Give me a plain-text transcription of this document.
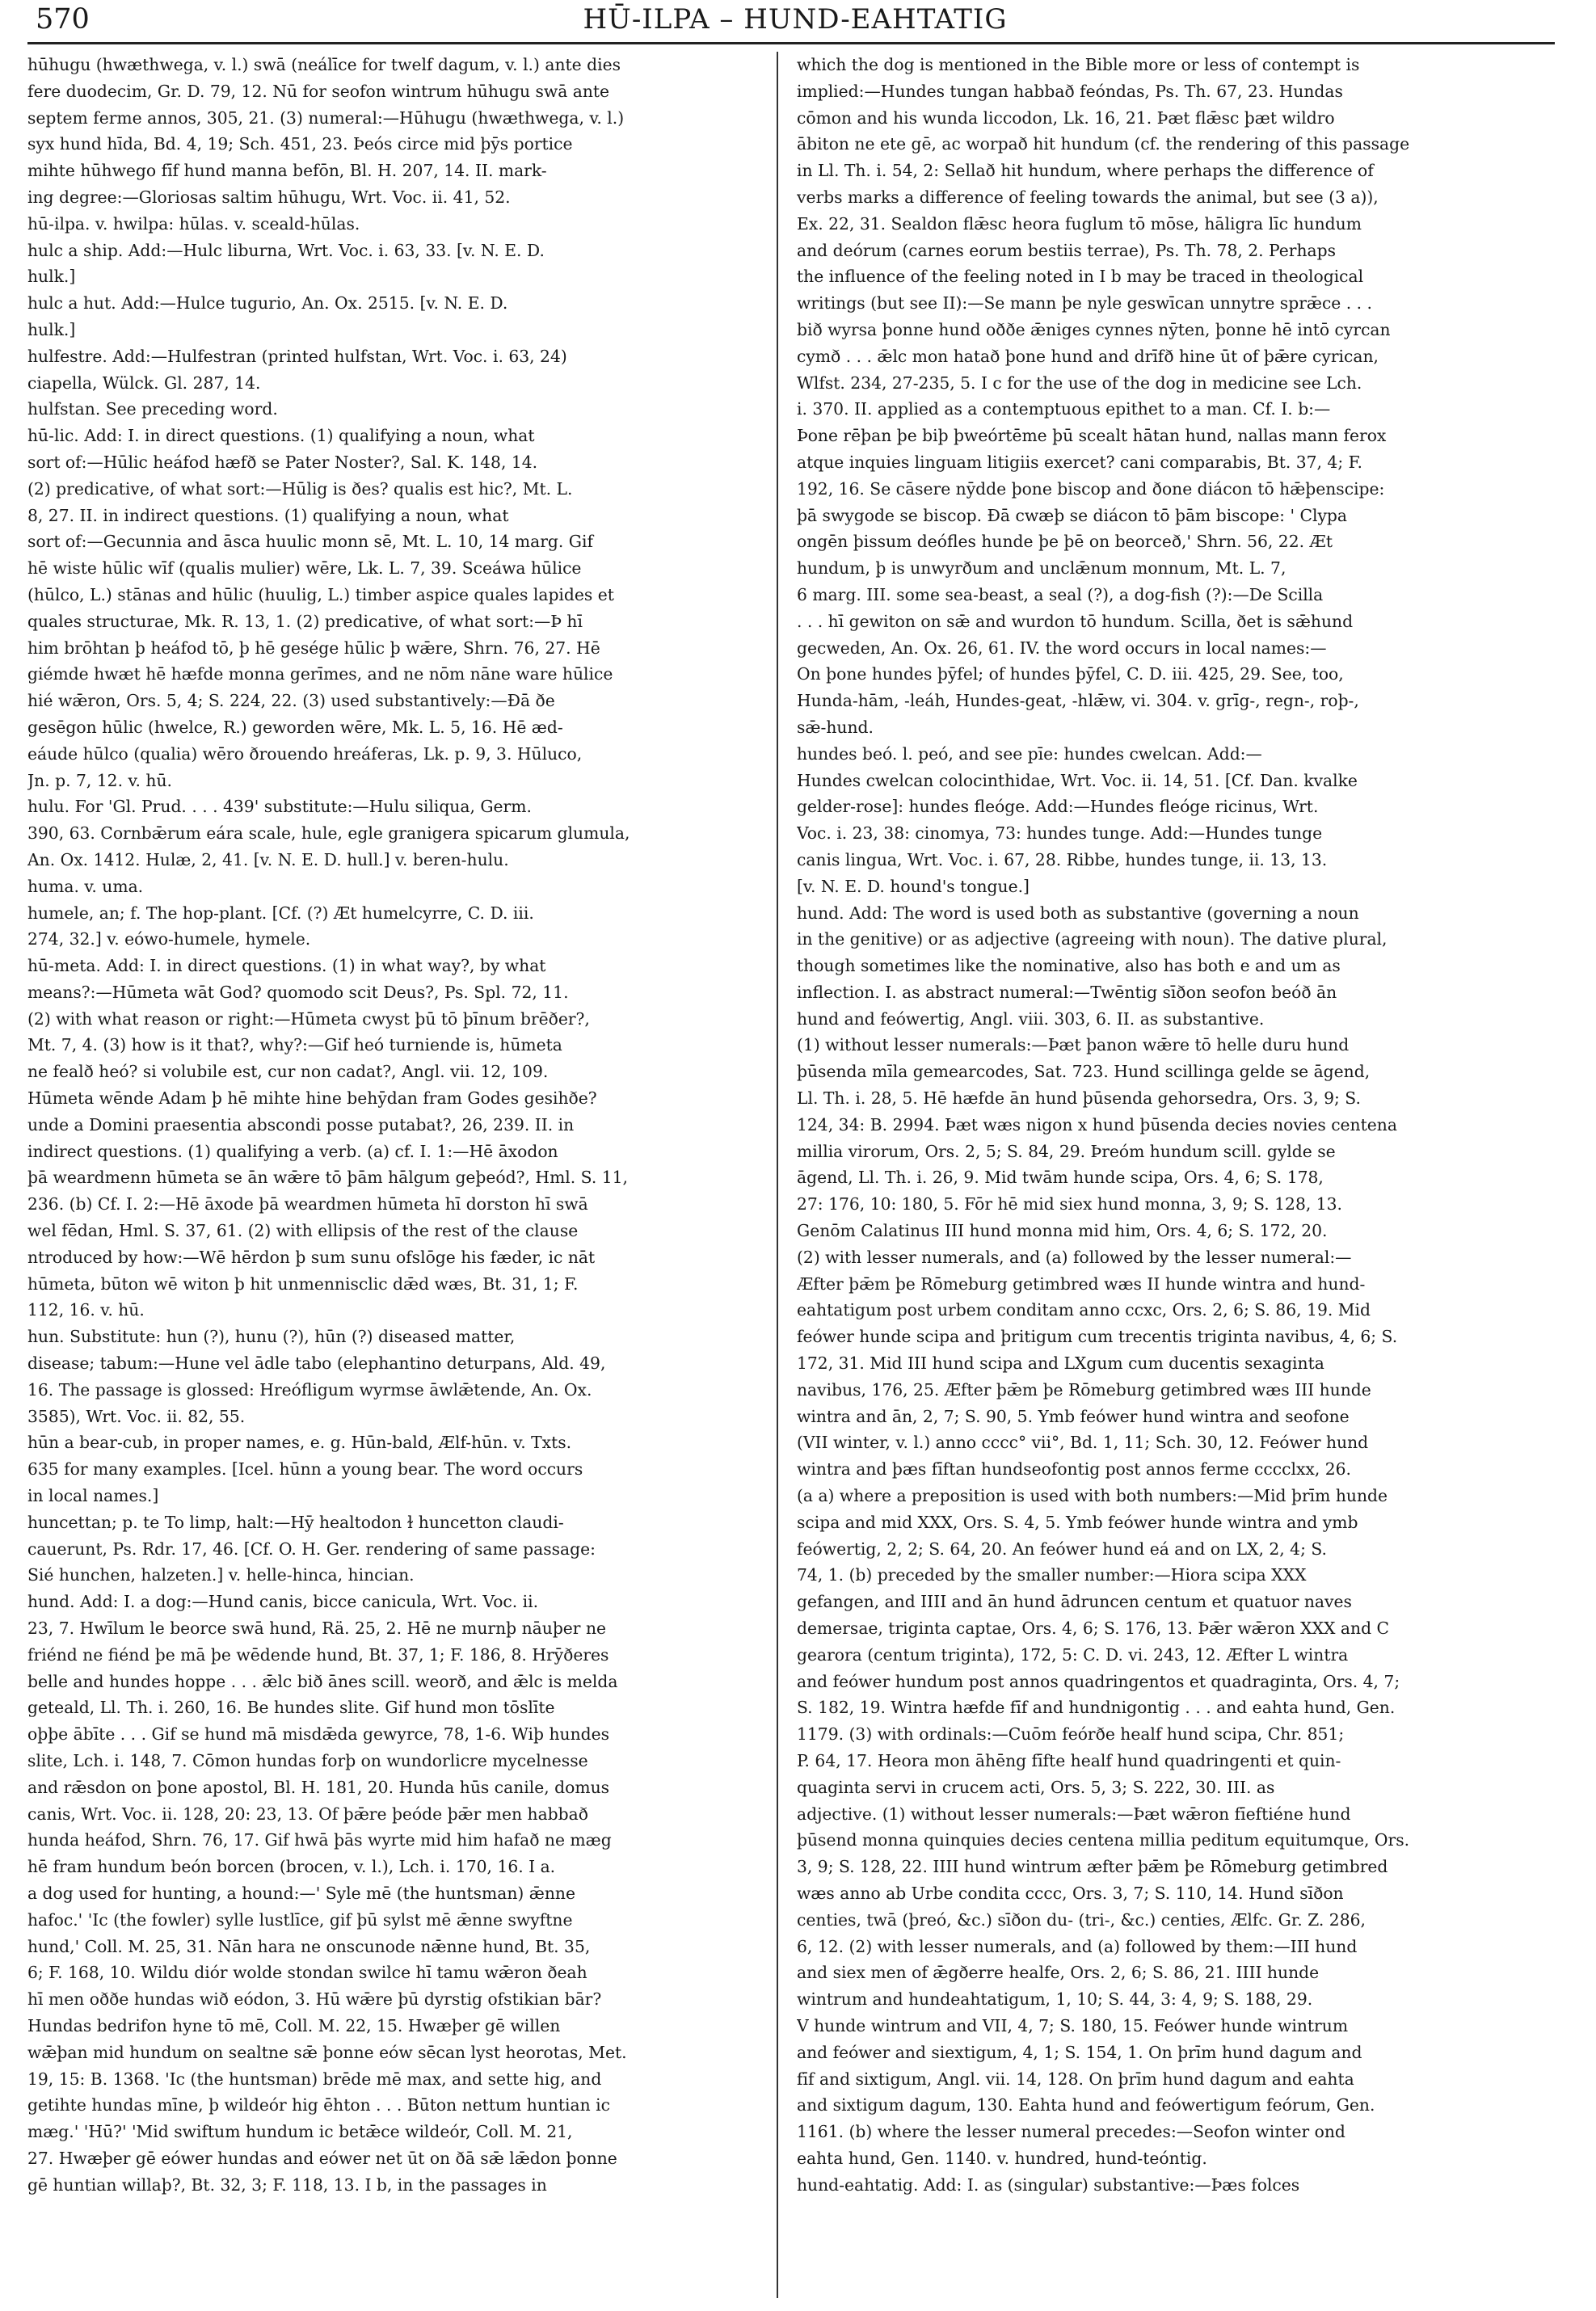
570	HŪ-ILPA – HUND-EAHTATIG
hūhugu (hwæthwega, v. l.) swā (neálīce for twelf dagum, v. l.) ante dies
fere duodecim, Gr. D. 79, 12. Nū for seofon wintrum hūhugu swā ante
septem ferme annos, 305, 21. (3) numeral:—Hūhugu (hwæthwega, v. l.)
syx hund hīda, Bd. 4, 19; Sch. 451, 23. Þeós circe mid þȳs portice
mihte hūhwego fīf hund manna befōn, Bl. H. 207, 14. II. mark-
ing degree:—Gloriosas saltim hūhugu, Wrt. Voc. ii. 41, 52.
hū-ilpa. v. hwilpa: hūlas. v. sceald-hūlas.
hulc a ship. Add:—Hulc liburna, Wrt. Voc. i. 63, 33. [v. N. E. D.
hulk.]
hulc a hut. Add:—Hulce tugurio, An. Ox. 2515. [v. N. E. D.
hulk.]
hulfestre. Add:—Hulfestran (printed hulfstan, Wrt. Voc. i. 63, 24)
ciapella, Wülck. Gl. 287, 14.
hulfstan. See preceding word.
hū-lic. Add: I. in direct questions. (1) qualifying a noun, what
sort of:—Hūlic heáfod hæfð se Pater Noster?, Sal. K. 148, 14.
(2) predicative, of what sort:—Hūlig is ðes? qualis est hic?, Mt. L.
8, 27. II. in indirect questions. (1) qualifying a noun, what
sort of:—Gecunnia and āsca huulic monn sē, Mt. L. 10, 14 marg. Gif
hē wiste hūlic wīf (qualis mulier) wēre, Lk. L. 7, 39. Sceáwa hūlice
(hūlco, L.) stānas and hūlic (huulig, L.) timber aspice quales lapides et
quales structurae, Mk. R. 13, 1. (2) predicative, of what sort:—Þ hī
him brōhtan þ heáfod tō, þ hē gesége hūlic þ wǣre, Shrn. 76, 27. Hē
giémde hwæt hē hæfde monna gerīmes, and ne nōm nāne ware hūlice
hié wǣron, Ors. 5, 4; S. 224, 22. (3) used substantively:—Ðā ðe
gesēgon hūlic (hwelce, R.) geworden wēre, Mk. L. 5, 16. Hē æd-
eáude hūlco (qualia) wēro ðrouendo hreáferas, Lk. p. 9, 3. Hūluco,
Jn. p. 7, 12. v. hū.
hulu. For 'Gl. Prud. . . . 439' substitute:—Hulu siliqua, Germ.
390, 63. Cornbǣrum eára scale, hule, egle granigera spicarum glumula,
An. Ox. 1412. Hulæ, 2, 41. [v. N. E. D. hull.] v. beren-hulu.
huma. v. uma.
humele, an; f. The hop-plant. [Cf. (?) Æt humelcyrre, C. D. iii.
274, 32.] v. eówo-humele, hymele.
hū-meta. Add: I. in direct questions. (1) in what way?, by what
means?:—Hūmeta wāt God? quomodo scit Deus?, Ps. Spl. 72, 11.
(2) with what reason or right:—Hūmeta cwyst þū tō þīnum brēðer?,
Mt. 7, 4. (3) how is it that?, why?:—Gif heó turniende is, hūmeta
ne fealð heó? si volubile est, cur non cadat?, Angl. vii. 12, 109.
Hūmeta wēnde Adam þ hē mihte hine behȳdan fram Godes gesihðe?
unde a Domini praesentia abscondi posse putabat?, 26, 239. II. in
indirect questions. (1) qualifying a verb. (a) cf. I. 1:—Hē āxodon
þā weardmenn hūmeta se ān wǣre tō þām hālgum geþeód?, Hml. S. 11,
236. (b) Cf. I. 2:—Hē āxode þā weardmen hūmeta hī dorston hī swā
wel fēdan, Hml. S. 37, 61. (2) with ellipsis of the rest of the clause
ntroduced by how:—Wē hērdon þ sum sunu ofslōge his fæder, ic nāt
hūmeta, būton wē witon þ hit unmennisclic dǣd wæs, Bt. 31, 1; F.
112, 16. v. hū.
hun. Substitute: hun (?), hunu (?), hūn (?) diseased matter,
disease; tabum:—Hune vel ādle tabo (elephantino deturpans, Ald. 49,
16. The passage is glossed: Hreófligum wyrmse āwlǣtende, An. Ox.
3585), Wrt. Voc. ii. 82, 55.
hūn a bear-cub, in proper names, e. g. Hūn-bald, Ælf-hūn. v. Txts.
635 for many examples. [Icel. hūnn a young bear. The word occurs
in local names.]
huncettan; p. te To limp, halt:—Hȳ healtodon ɫ huncetton claudi-
cauerunt, Ps. Rdr. 17, 46. [Cf. O. H. Ger. rendering of same passage:
Sié hunchen, halzeten.] v. helle-hinca, hincian.
hund. Add: I. a dog:—Hund canis, bicce canicula, Wrt. Voc. ii.
23, 7. Hwīlum le beorce swā hund, Rä. 25, 2. Hē ne murnþ nāuþer ne
friénd ne fiénd þe mā þe wēdende hund, Bt. 37, 1; F. 186, 8. Hrȳðeres
belle and hundes hoppe . . . ǣlc bið ānes scill. weorð, and ǣlc is melda
geteald, Ll. Th. i. 260, 16. Be hundes slite. Gif hund mon tōslīte
oþþe ābīte . . . Gif se hund mā misdǣda gewyrce, 78, 1-6. Wiþ hundes
slite, Lch. i. 148, 7. Cōmon hundas forþ on wundorlicre mycelnesse
and rǣsdon on þone apostol, Bl. H. 181, 20. Hunda hūs canile, domus
canis, Wrt. Voc. ii. 128, 20: 23, 13. Of þǣre þeóde þǣr men habbað
hunda heáfod, Shrn. 76, 17. Gif hwā þās wyrte mid him hafað ne mæg
hē fram hundum beón borcen (brocen, v. l.), Lch. i. 170, 16. I a.
a dog used for hunting, a hound:—' Syle mē (the huntsman) ǣnne
hafoc.' 'Ic (the fowler) sylle lustlīce, gif þū sylst mē ǣnne swyftne
hund,' Coll. M. 25, 31. Nān hara ne onscunode nǣnne hund, Bt. 35,
6; F. 168, 10. Wildu diór wolde stondan swilce hī tamu wǣron ðeah
hī men oððe hundas wið eódon, 3. Hū wǣre þū dyrstig ofstikian bār?
Hundas bedrifon hyne tō mē, Coll. M. 22, 15. Hwæþer gē willen
wǣþan mid hundum on sealtne sǣ þonne eów sēcan lyst heorotas, Met.
19, 15: B. 1368. 'Ic (the huntsman) brēde mē max, and sette hig, and
getihte hundas mīne, þ wildeór hig ēhton . . . Būton nettum huntian ic
mæg.' 'Hū?' 'Mid swiftum hundum ic betǣce wildeór, Coll. M. 21,
27. Hwæþer gē eówer hundas and eówer net ūt on ðā sǣ lǣdon þonne
gē huntian willaþ?, Bt. 32, 3; F. 118, 13. I b, in the passages in
which the dog is mentioned in the Bible more or less of contempt is
implied:—Hundes tungan habbað feóndas, Ps. Th. 67, 23. Hundas
cōmon and his wunda liccodon, Lk. 16, 21. Þæt flǣsc þæt wildro
ābiton ne ete gē, ac worpað hit hundum (cf. the rendering of this passage
in Ll. Th. i. 54, 2: Sellað hit hundum, where perhaps the difference of
verbs marks a difference of feeling towards the animal, but see (3 a)),
Ex. 22, 31. Sealdon flǣsc heora fuglum tō mōse, hāligra līc hundum
and deórum (carnes eorum bestiis terrae), Ps. Th. 78, 2. Perhaps
the influence of the feeling noted in I b may be traced in theological
writings (but see II):—Se mann þe nyle geswīcan unnytre sprǣce . . .
bið wyrsa þonne hund oððe ǣniges cynnes nȳten, þonne hē intō cyrcan
cymð . . . ǣlc mon hatað þone hund and drīfð hine ūt of þǣre cyrican,
Wlfst. 234, 27-235, 5. I c for the use of the dog in medicine see Lch.
i. 370. II. applied as a contemptuous epithet to a man. Cf. I. b:—
Þone rēþan þe biþ þweórtēme þū scealt hātan hund, nallas mann ferox
atque inquies linguam litigiis exercet? cani comparabis, Bt. 37, 4; F.
192, 16. Se cāsere nȳdde þone biscop and ðone diácon tō hǣþenscipe:
þā swygode se biscop. Ðā cwæþ se diácon tō þām biscope: ' Clypa
ongēn þissum deófles hunde þe þē on beorceð,' Shrn. 56, 22. Æt
hundum, þ is unwyrðum and unclǣnum monnum, Mt. L. 7,
6 marg. III. some sea-beast, a seal (?), a dog-fish (?):—De Scilla
. . . hī gewiton on sǣ and wurdon tō hundum. Scilla, ðet is sǣhund
gecweden, An. Ox. 26, 61. IV. the word occurs in local names:—
On þone hundes þȳfel; of hundes þȳfel, C. D. iii. 425, 29. See, too,
Hunda-hām, -leáh, Hundes-geat, -hlǣw, vi. 304. v. grīg-, regn-, roþ-,
sǣ-hund.
hundes beó. l. peó, and see pīe: hundes cwelcan. Add:—
Hundes cwelcan colocinthidae, Wrt. Voc. ii. 14, 51. [Cf. Dan. kvalke
gelder-rose]: hundes fleóge. Add:—Hundes fleóge ricinus, Wrt.
Voc. i. 23, 38: cinomya, 73: hundes tunge. Add:—Hundes tunge
canis lingua, Wrt. Voc. i. 67, 28. Ribbe, hundes tunge, ii. 13, 13.
[v. N. E. D. hound's tongue.]
hund. Add: The word is used both as substantive (governing a noun
in the genitive) or as adjective (agreeing with noun). The dative plural,
though sometimes like the nominative, also has both e and um as
inflection. I. as abstract numeral:—Twēntig sīðon seofon beóð ān
hund and feówertig, Angl. viii. 303, 6. II. as substantive.
(1) without lesser numerals:—Þæt þanon wǣre tō helle duru hund
þūsenda mīla gemearcodes, Sat. 723. Hund scillinga gelde se āgend,
Ll. Th. i. 28, 5. Hē hæfde ān hund þūsenda gehorsedra, Ors. 3, 9; S.
124, 34: B. 2994. Þæt wæs nigon x hund þūsenda decies novies centena
millia virorum, Ors. 2, 5; S. 84, 29. Þreóm hundum scill. gylde se
āgend, Ll. Th. i. 26, 9. Mid twām hunde scipa, Ors. 4, 6; S. 178,
27: 176, 10: 180, 5. Fōr hē mid siex hund monna, 3, 9; S. 128, 13.
Genōm Calatinus III hund monna mid him, Ors. 4, 6; S. 172, 20.
(2) with lesser numerals, and (a) followed by the lesser numeral:—
Æfter þǣm þe Rōmeburg getimbred wæs II hunde wintra and hund-
eahtatigum post urbem conditam anno ccxc, Ors. 2, 6; S. 86, 19. Mid
feówer hunde scipa and þritigum cum trecentis triginta navibus, 4, 6; S.
172, 31. Mid III hund scipa and LXgum cum ducentis sexaginta
navibus, 176, 25. Æfter þǣm þe Rōmeburg getimbred wæs III hunde
wintra and ān, 2, 7; S. 90, 5. Ymb feówer hund wintra and seofone
(VII winter, v. l.) anno cccc° vii°, Bd. 1, 11; Sch. 30, 12. Feówer hund
wintra and þæs fīftan hundseofontig post annos ferme cccclxx, 26.
(a a) where a preposition is used with both numbers:—Mid þrīm hunde
scipa and mid XXX, Ors. S. 4, 5. Ymb feówer hunde wintra and ymb
feówertig, 2, 2; S. 64, 20. An feówer hund eá and on LX, 2, 4; S.
74, 1. (b) preceded by the smaller number:—Hiora scipa XXX
gefangen, and IIII and ān hund ādruncen centum et quatuor naves
demersae, triginta captae, Ors. 4, 6; S. 176, 13. Þǣr wǣron XXX and C
gearora (centum triginta), 172, 5: C. D. vi. 243, 12. Æfter L wintra
and feówer hundum post annos quadringentos et quadraginta, Ors. 4, 7;
S. 182, 19. Wintra hæfde fīf and hundnigontig . . . and eahta hund, Gen.
1179. (3) with ordinals:—Cuōm feórðe healf hund scipa, Chr. 851;
P. 64, 17. Heora mon āhēng fīfte healf hund quadringenti et quin-
quaginta servi in crucem acti, Ors. 5, 3; S. 222, 30. III. as
adjective. (1) without lesser numerals:—Þæt wǣron fīeftiéne hund
þūsend monna quinquies decies centena millia peditum equitumque, Ors.
3, 9; S. 128, 22. IIII hund wintrum æfter þǣm þe Rōmeburg getimbred
wæs anno ab Urbe condita cccc, Ors. 3, 7; S. 110, 14. Hund sīðon
centies, twā (þreó, &c.) sīðon du- (tri-, &c.) centies, Ælfc. Gr. Z. 286,
6, 12. (2) with lesser numerals, and (a) followed by them:—III hund
and siex men of ǣgðerre healfe, Ors. 2, 6; S. 86, 21. IIII hunde
wintrum and hundeahtatigum, 1, 10; S. 44, 3: 4, 9; S. 188, 29.
V hunde wintrum and VII, 4, 7; S. 180, 15. Feówer hunde wintrum
and feówer and siextigum, 4, 1; S. 154, 1. On þrīm hund dagum and
fīf and sixtigum, Angl. vii. 14, 128. On þrīm hund dagum and eahta
and sixtigum dagum, 130. Eahta hund and feówertigum feórum, Gen.
1161. (b) where the lesser numeral precedes:—Seofon winter ond
eahta hund, Gen. 1140. v. hundred, hund-teóntig.
hund-eahtatig. Add: I. as (singular) substantive:—Þæs folces
